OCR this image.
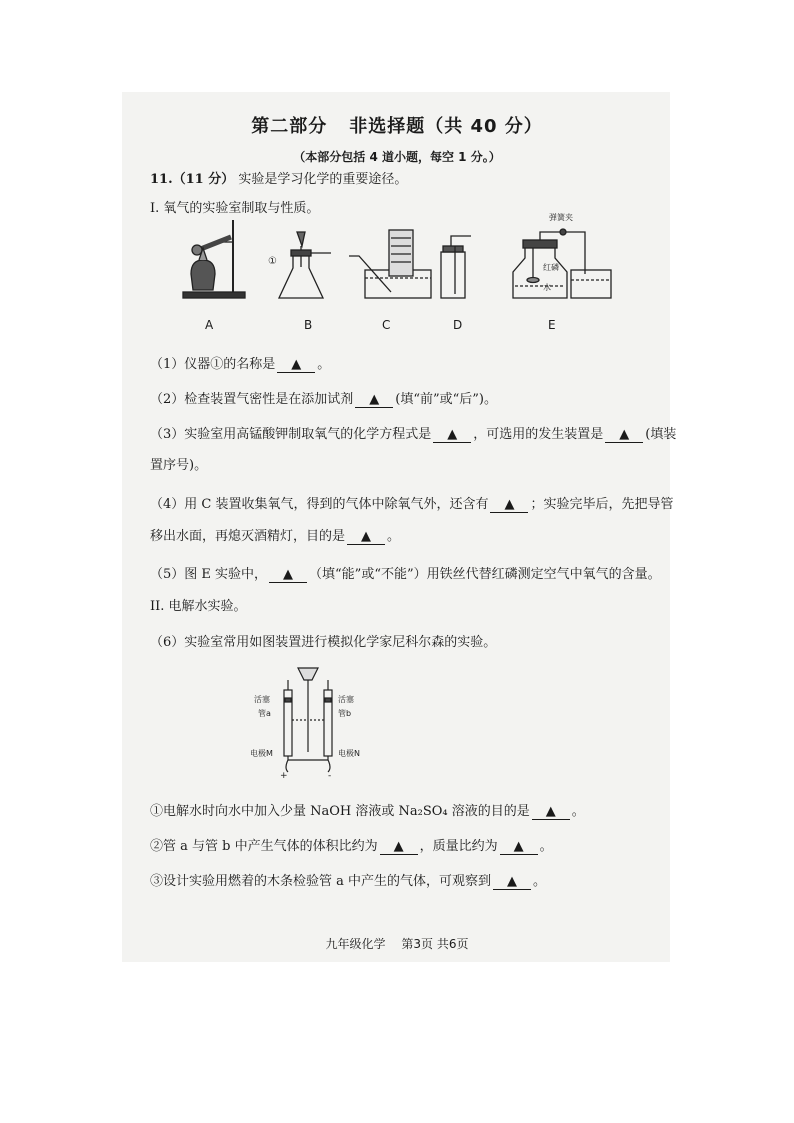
第二部分 非选择题（共 40 分）
（本部分包括 4 道小题，每空 1 分。）
11.（11 分） 实验是学习化学的重要途径。
I. 氧气的实验室制取与性质。
①
弹簧夹
红磷
水
A	B	C	D	E
（1）仪器①的名称是 ▲ 。
（2）检查装置气密性是在添加试剂 ▲ (填“前”或“后”)。
（3）实验室用高锰酸钾制取氧气的化学方程式是 ▲ ，可选用的发生装置是 ▲ (填装
置序号)。
（4）用 C 装置收集氧气，得到的气体中除氧气外，还含有 ▲ ；实验完毕后，先把导管
移出水面，再熄灭酒精灯，目的是 ▲ 。
（5）图 E 实验中， ▲ （填“能”或“不能”）用铁丝代替红磷测定空气中氧气的含量。
II. 电解水实验。
（6）实验室常用如图装置进行模拟化学家尼科尔森的实验。
活塞	活塞
管a	管b
电极M	电极N
+	-
①电解水时向水中加入少量 NaOH 溶液或 Na₂SO₄ 溶液的目的是 ▲ 。
②管 a 与管 b 中产生气体的体积比约为 ▲ ，质量比约为 ▲ 。
③设计实验用燃着的木条检验管 a 中产生的气体，可观察到 ▲ 。
九年级化学 第3页 共6页
